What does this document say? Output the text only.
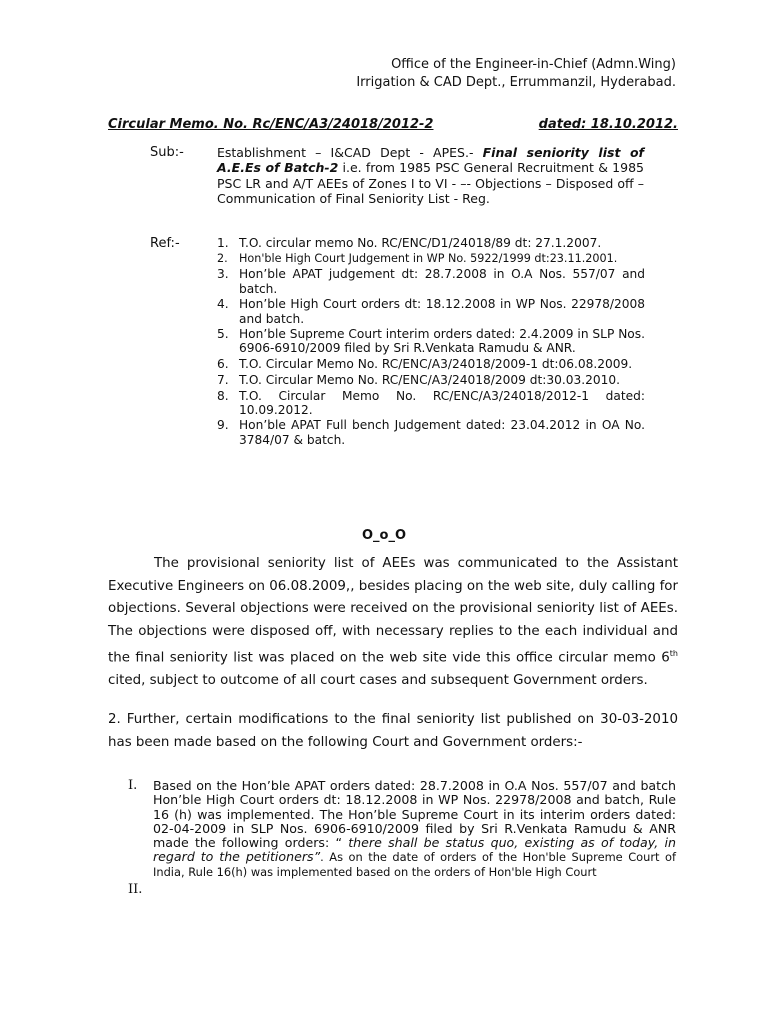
Office of the Engineer-in-Chief (Admn.Wing)
Irrigation & CAD Dept., Errummanzil, Hyderabad.
Circular Memo. No. Rc/ENC/A3/24018/2012-2	dated: 18.10.2012.
Sub:-	Establishment – I&CAD Dept - APES.- Final seniority list of A.E.Es of Batch-2 i.e. from 1985 PSC General Recruitment & 1985 PSC LR and A/T AEEs of Zones I to VI - –- Objections – Disposed off – Communication of Final Seniority List - Reg.
Ref:-	1. T.O. circular memo No. RC/ENC/D1/24018/89 dt: 27.1.2007.
2. Hon'ble High Court Judgement in WP No. 5922/1999 dt:23.11.2001.
3. Hon’ble APAT judgement dt: 28.7.2008 in O.A Nos. 557/07 and batch.
4. Hon’ble High Court orders dt: 18.12.2008 in WP Nos. 22978/2008 and batch.
5. Hon’ble Supreme Court interim orders dated: 2.4.2009 in SLP Nos. 6906-6910/2009 filed by Sri R.Venkata Ramudu & ANR.
6. T.O. Circular Memo No. RC/ENC/A3/24018/2009-1 dt:06.08.2009.
7. T.O. Circular Memo No. RC/ENC/A3/24018/2009 dt:30.03.2010.
8. T.O. Circular Memo No. RC/ENC/A3/24018/2012-1 dated: 10.09.2012.
9. Hon’ble APAT Full bench Judgement dated: 23.04.2012 in OA No. 3784/07 & batch.
O_o_O
The provisional seniority list of AEEs was communicated to the Assistant Executive Engineers on 06.08.2009,, besides placing on the web site, duly calling for objections. Several objections were received on the provisional seniority list of AEEs. The objections were disposed off, with necessary replies to the each individual and the final seniority list was placed on the web site vide this office circular memo 6th cited, subject to outcome of all court cases and subsequent Government orders.
2. Further, certain modifications to the final seniority list published on 30-03-2010 has been made based on the following Court and Government orders:-
I. Based on the Hon’ble APAT orders dated: 28.7.2008 in O.A Nos. 557/07 and batch Hon’ble High Court orders dt: 18.12.2008 in WP Nos. 22978/2008 and batch, Rule 16 (h) was implemented. The Hon’ble Supreme Court in its interim orders dated: 02-04-2009 in SLP Nos. 6906-6910/2009 filed by Sri R.Venkata Ramudu & ANR made the following orders: “ there shall be status quo, existing as of today, in regard to the petitioners”. As on the date of orders of the Hon'ble Supreme Court of India, Rule 16(h) was implemented based on the orders of Hon'ble High Court
II.
